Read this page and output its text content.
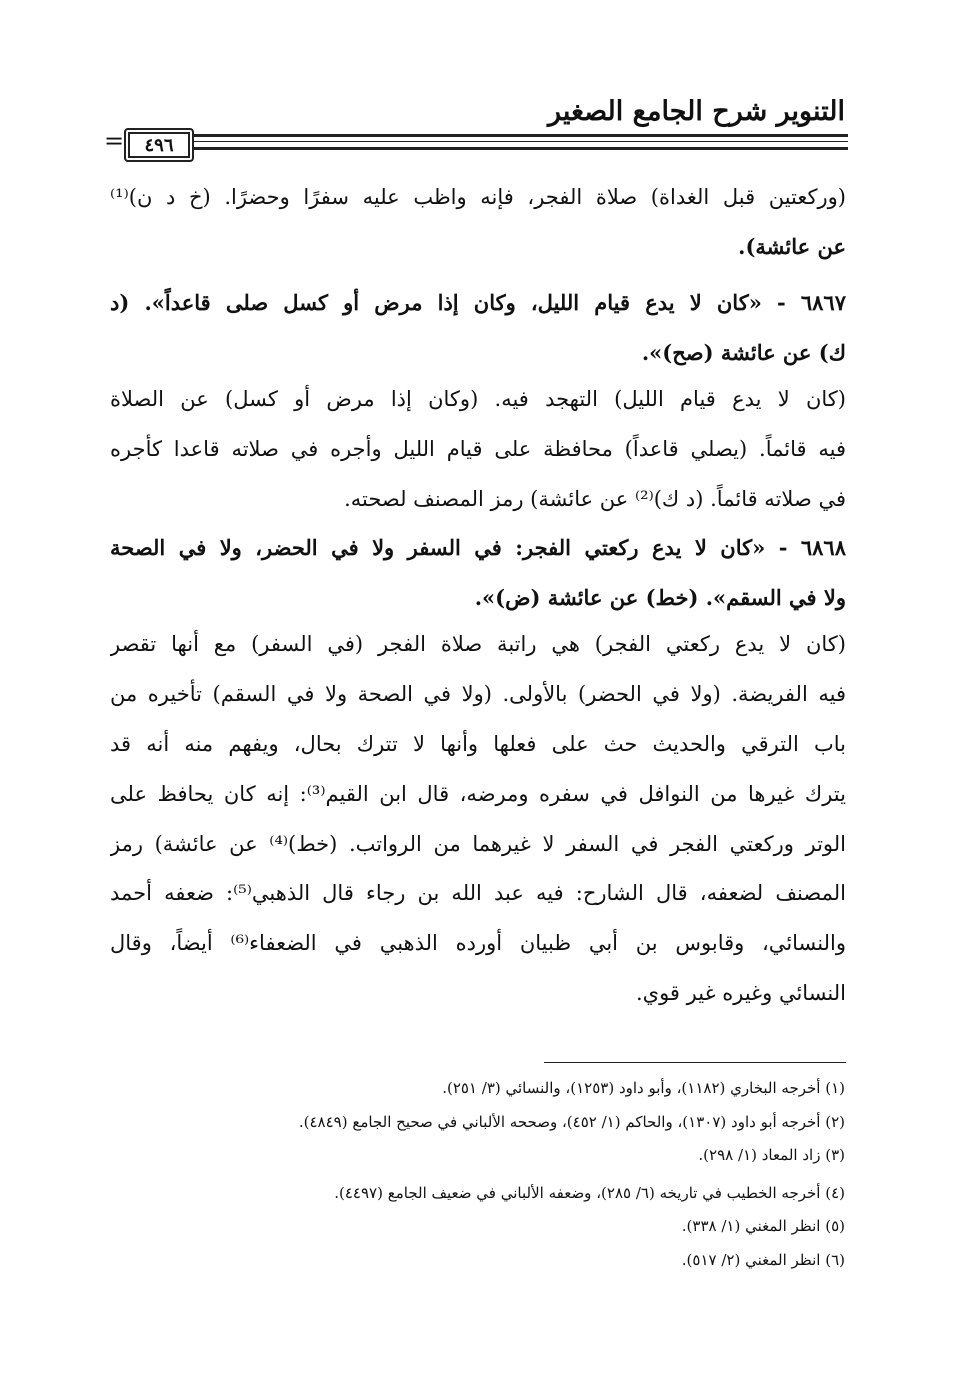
التنوير شرح الجامع الصغير
٤٩٦
=
(وركعتين قبل الغداة) صلاة الفجر، فإنه واظب عليه سفرًا وحضرًا. (خ د ن)⁽¹⁾
عن عائشة).
٦٨٦٧ - «كان لا يدع قيام الليل، وكان إذا مرض أو كسل صلى قاعداً». (د
ك) عن عائشة (صح)».
(كان لا يدع قيام الليل) التهجد فيه. (وكان إذا مرض أو كسل) عن الصلاة
فيه قائماً. (يصلي قاعداً) محافظة على قيام الليل وأجره في صلاته قاعدا كأجره
في صلاته قائماً. (د ك)⁽²⁾ عن عائشة) رمز المصنف لصحته.
٦٨٦٨ - «كان لا يدع ركعتي الفجر: في السفر ولا في الحضر، ولا في الصحة
ولا في السقم». (خط) عن عائشة (ض)».
(كان لا يدع ركعتي الفجر) هي راتبة صلاة الفجر (في السفر) مع أنها تقصر
فيه الفريضة. (ولا في الحضر) بالأولى. (ولا في الصحة ولا في السقم) تأخيره من
باب الترقي والحديث حث على فعلها وأنها لا تترك بحال، ويفهم منه أنه قد
يترك غيرها من النوافل في سفره ومرضه، قال ابن القيم⁽³⁾: إنه كان يحافظ على
الوتر وركعتي الفجر في السفر لا غيرهما من الرواتب. (خط)⁽⁴⁾ عن عائشة) رمز
المصنف لضعفه، قال الشارح: فيه عبد الله بن رجاء قال الذهبي⁽⁵⁾: ضعفه أحمد
والنسائي، وقابوس بن أبي ظبيان أورده الذهبي في الضعفاء⁽⁶⁾ أيضاً، وقال
النسائي وغيره غير قوي.
(١) أخرجه البخاري (١١٨٢)، وأبو داود (١٢٥٣)، والنسائي (٣/ ٢٥١).
(٢) أخرجه أبو داود (١٣٠٧)، والحاكم (١/ ٤٥٢)، وصححه الألباني في صحيح الجامع (٤٨٤٩).
(٣) زاد المعاد (١/ ٢٩٨).
(٤) أخرجه الخطيب في تاريخه (٦/ ٢٨٥)، وضعفه الألباني في ضعيف الجامع (٤٤٩٧).
(٥) انظر المغني (١/ ٣٣٨).
(٦) انظر المغني (٢/ ٥١٧).
